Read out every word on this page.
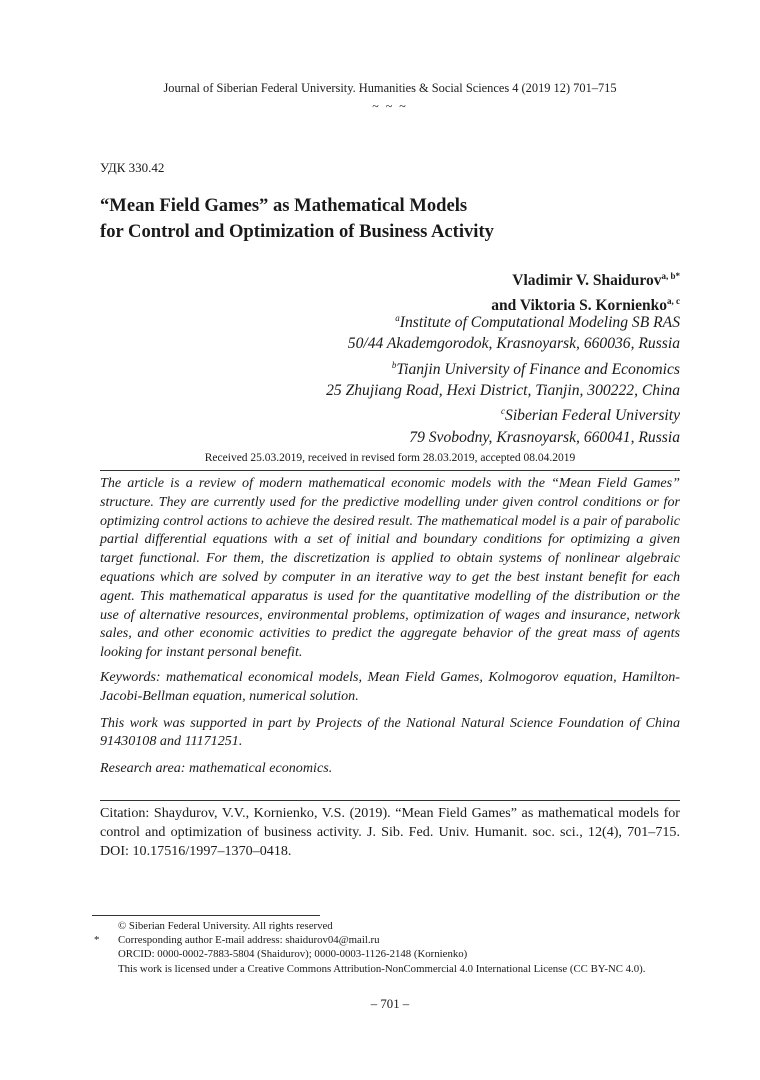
Journal of Siberian Federal University. Humanities & Social Sciences 4 (2019 12) 701–715
~ ~ ~
УДК 330.42
“Mean Field Games” as Mathematical Models
for Control and Optimization of Business Activity
Vladimir V. Shaidurov$^{a, b*}$
and Viktoria S. Kornienko$^{a, c}$
$^a$Institute of Computational Modeling SB RAS
50/44 Akademgorodok, Krasnoyarsk, 660036, Russia
$^b$Tianjin University of Finance and Economics
25 Zhujiang Road, Hexi District, Tianjin, 300222, China
$^c$Siberian Federal University
79 Svobodny, Krasnoyarsk, 660041, Russia
Received 25.03.2019, received in revised form 28.03.2019, accepted 08.04.2019

The article is a review of modern mathematical economic models with the “Mean Field Games” structure. They are currently used for the predictive modelling under given control conditions or for optimizing control actions to achieve the desired result. The mathematical model is a pair of parabolic partial differential equations with a set of initial and boundary conditions for optimizing a given target functional. For them, the discretization is applied to obtain systems of nonlinear algebraic equations which are solved by computer in an iterative way to get the best instant benefit for each agent. This mathematical apparatus is used for the quantitative modelling of the distribution or the use of alternative resources, environmental problems, optimization of wages and insurance, network sales, and other economic activities to predict the aggregate behavior of the great mass of agents looking for instant personal benefit.

Keywords: mathematical economical models, Mean Field Games, Kolmogorov equation, Hamilton-Jacobi-Bellman equation, numerical solution.

This work was supported in part by Projects of the National Natural Science Foundation of China 91430108 and 11171251.

Research area: mathematical economics.

Citation: Shaydurov, V.V., Kornienko, V.S. (2019). “Mean Field Games” as mathematical models for control and optimization of business activity. J. Sib. Fed. Univ. Humanit. soc. sci., 12(4), 701–715. DOI: 10.17516/1997–1370–0418.

© Siberian Federal University. All rights reserved
* Corresponding author E-mail address: shaidurov04@mail.ru
ORCID: 0000-0002-7883-5804 (Shaidurov); 0000-0003-1126-2148 (Kornienko)
This work is licensed under a Creative Commons Attribution-NonCommercial 4.0 International License (CC BY-NC 4.0).
– 701 –
